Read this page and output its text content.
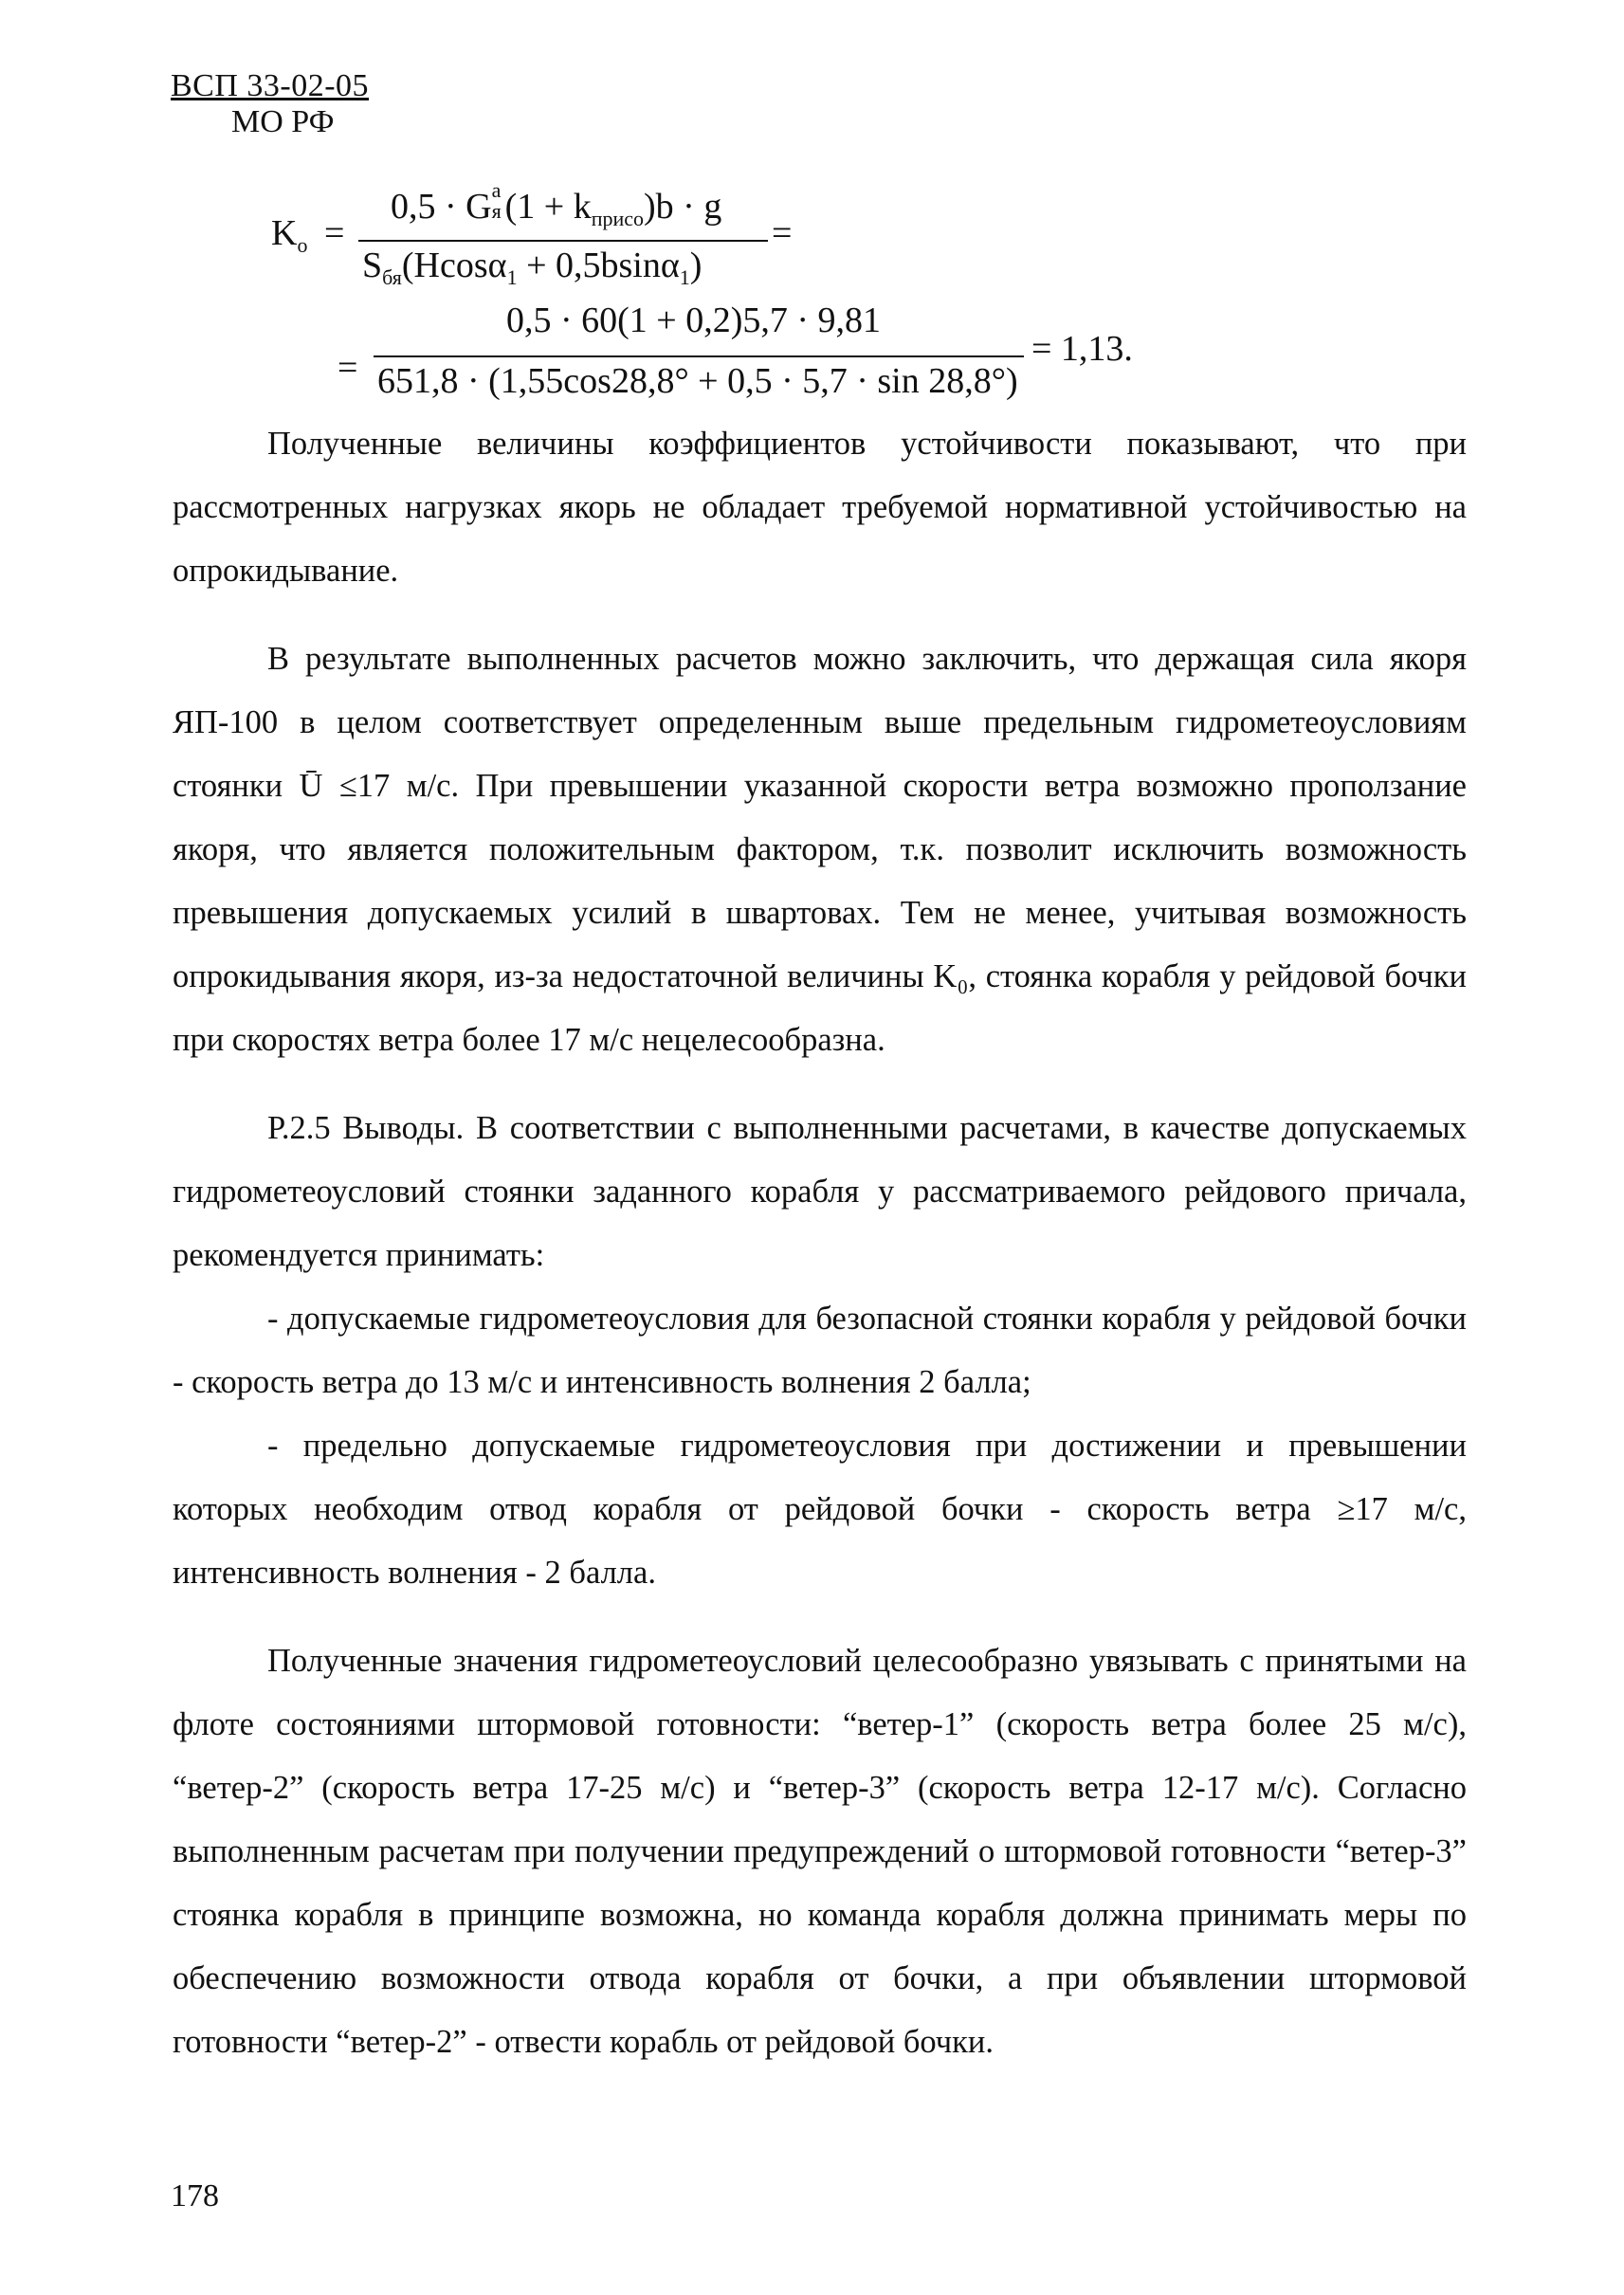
ВСП 33-02-05
МО РФ
$K_о$ =
0,5 · G a
я $(1 + k_{присо})b \cdot g$
$S_{бя}(Hcos\alpha_1 + 0,5bsin\alpha_1)$
=
=
0,5 · 60(1 + 0,2)5,7 · 9,81
651,8 · (1,55cos28,8° + 0,5 · 5,7 · sin 28,8°)
= 1,13.

Полученные величины коэффициентов устойчивости показывают, что при рассмотренных нагрузках якорь не обладает требуемой нормативной устойчивостью на опрокидывание.

В результате выполненных расчетов можно заключить, что держащая сила якоря ЯП-100 в целом соответствует определенным выше предельным гидрометеоусловиям стоянки Ū ≤17 м/с. При превышении указанной скорости ветра возможно проползание якоря, что является положительным фактором, т.к. позволит исключить возможность превышения допускаемых усилий в швартовах. Тем не менее, учитывая возможность опрокидывания якоря, из-за недостаточной величины K₀, стоянка корабля у рейдовой бочки при скоростях ветра более 17 м/с нецелесообразна.

Р.2.5 Выводы. В соответствии с выполненными расчетами, в качестве допускаемых гидрометеоусловий стоянки заданного корабля у рассматриваемого рейдового причала, рекомендуется принимать:

- допускаемые гидрометеоусловия для безопасной стоянки корабля у рейдовой бочки - скорость ветра до 13 м/с и интенсивность волнения 2 балла;

- предельно допускаемые гидрометеоусловия при достижении и превышении которых необходим отвод корабля от рейдовой бочки - скорость ветра ≥17 м/с, интенсивность волнения - 2 балла.

Полученные значения гидрометеоусловий целесообразно увязывать с принятыми на флоте состояниями штормовой готовности: “ветер-1” (скорость ветра более 25 м/с), “ветер-2” (скорость ветра 17-25 м/с) и “ветер-3” (скорость ветра 12-17 м/с). Согласно выполненным расчетам при получении предупреждений о штормовой готовности “ветер-3” стоянка корабля в принципе возможна, но команда корабля должна принимать меры по обеспечению возможности отвода корабля от бочки, а при объявлении штормовой готовности “ветер-2” - отвести корабль от рейдовой бочки.

178
